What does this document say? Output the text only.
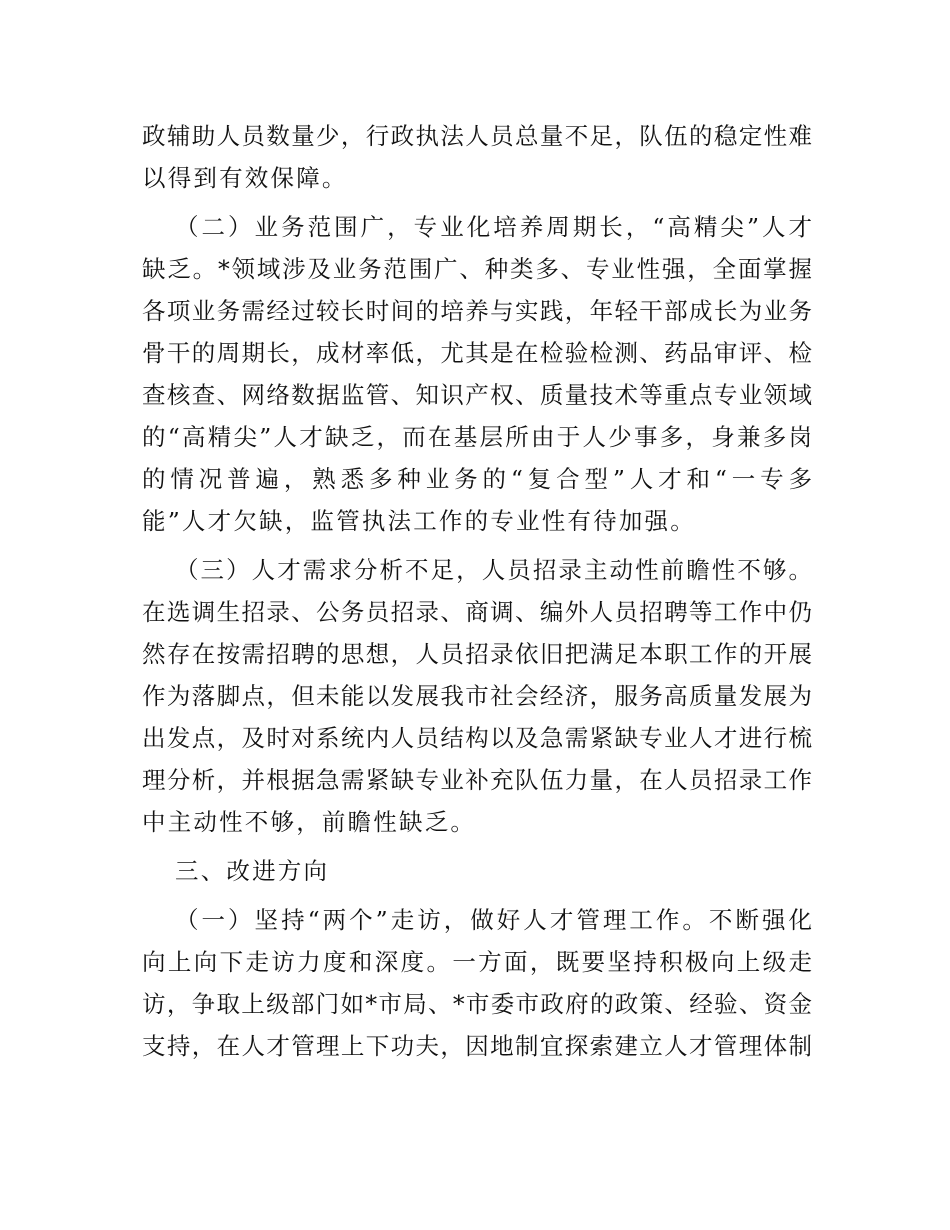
政辅助人员数量少，行政执法人员总量不足，队伍的稳定性难
以得到有效保障。
（二）业务范围广，专业化培养周期长，“高精尖”人才
缺乏。*领域涉及业务范围广、种类多、专业性强，全面掌握
各项业务需经过较长时间的培养与实践，年轻干部成长为业务
骨干的周期长，成材率低，尤其是在检验检测、药品审评、检
查核查、网络数据监管、知识产权、质量技术等重点专业领域
的“高精尖”人才缺乏，而在基层所由于人少事多，身兼多岗
的情况普遍，熟悉多种业务的“复合型”人才和“一专多
能”人才欠缺，监管执法工作的专业性有待加强。
（三）人才需求分析不足，人员招录主动性前瞻性不够。
在选调生招录、公务员招录、商调、编外人员招聘等工作中仍
然存在按需招聘的思想，人员招录依旧把满足本职工作的开展
作为落脚点，但未能以发展我市社会经济，服务高质量发展为
出发点，及时对系统内人员结构以及急需紧缺专业人才进行梳
理分析，并根据急需紧缺专业补充队伍力量，在人员招录工作
中主动性不够，前瞻性缺乏。
三、改进方向
（一）坚持“两个”走访，做好人才管理工作。不断强化
向上向下走访力度和深度。一方面，既要坚持积极向上级走
访，争取上级部门如*市局、*市委市政府的政策、经验、资金
支持，在人才管理上下功夫，因地制宜探索建立人才管理体制
